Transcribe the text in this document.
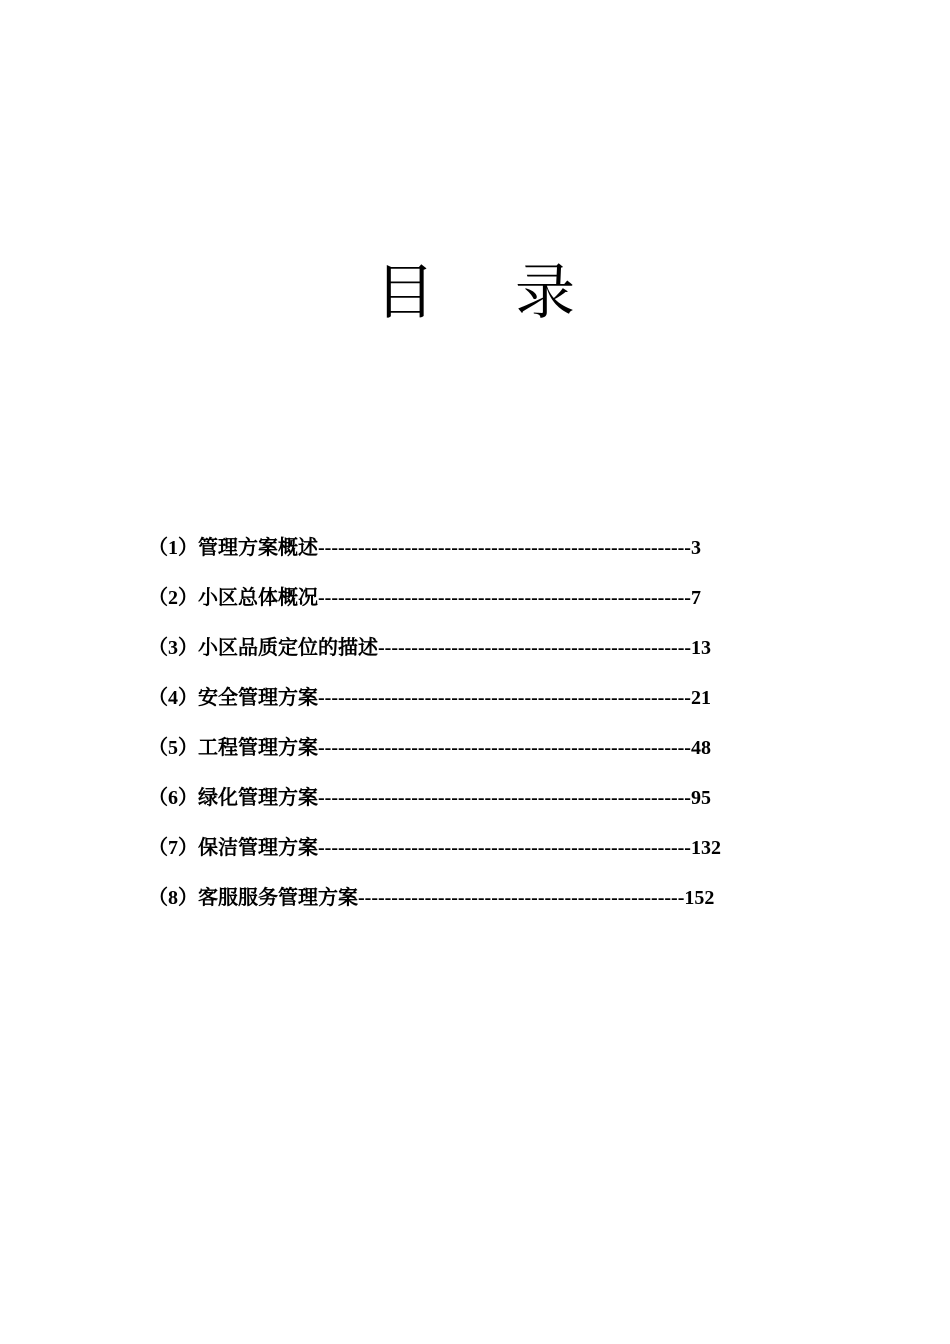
目 录
（1）管理方案概述--------------------------------------------------------3
（2）小区总体概况--------------------------------------------------------7
（3）小区品质定位的描述-----------------------------------------------13
（4）安全管理方案--------------------------------------------------------21
（5）工程管理方案--------------------------------------------------------48
（6）绿化管理方案--------------------------------------------------------95
（7）保洁管理方案--------------------------------------------------------132
（8）客服服务管理方案-------------------------------------------------152
